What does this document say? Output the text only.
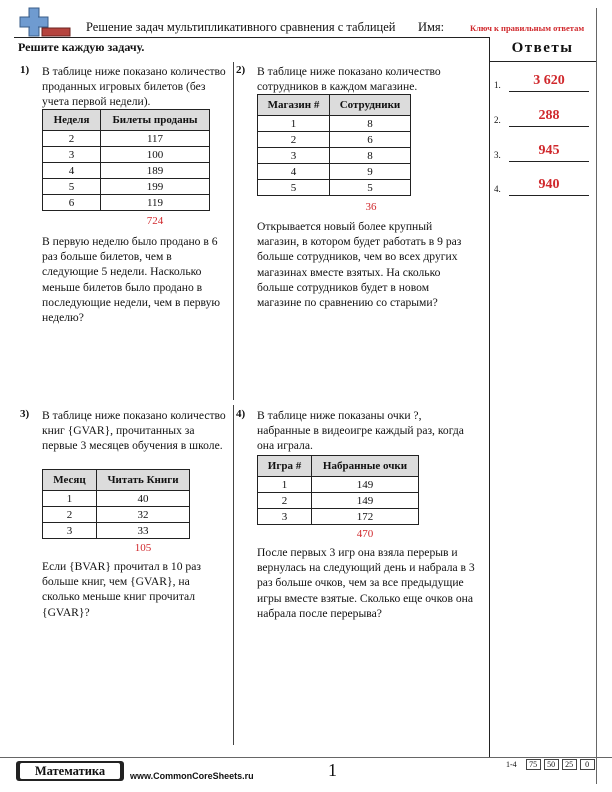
Решение задач мультипликативного сравнения с таблицей Имя:	Ключ к правильным ответам
Решите каждую задачу.	Ответы
1.	3 620
2.	288
3.	945
4.	940
1) В таблице ниже показано количество проданных игровых билетов (без учета первой недели).
Неделя	Билеты проданы
2	117
3	100
4	189
5	199
6	119
724
В первую неделю было продано в 6 раз больше билетов, чем в следующие 5 недели. Насколько меньше билетов было продано в последующие недели, чем в первую неделю?
2) В таблице ниже показано количество сотрудников в каждом магазине.
Магазин #	Сотрудники
1	8
2	6
3	8
4	9
5	5
36
Открывается новый более крупный магазин, в котором будет работать в 9 раз больше сотрудников, чем во всех других магазинах вместе взятых. На сколько больше сотрудников будет в новом магазине по сравнению со старыми?
3) В таблице ниже показано количество книг {GVAR}, прочитанных за первые 3 месяцев обучения в школе.
Месяц	Читать Книги
1	40
2	32
3	33
105
Если {BVAR} прочитал в 10 раз больше книг, чем {GVAR}, на сколько меньше книг прочитал {GVAR}?
4) В таблице ниже показаны очки ?, набранные в видеоигре каждый раз, когда она играла.
Игра #	Набранные очки
1	149
2	149
3	172
470
После первых 3 игр она взяла перерыв и вернулась на следующий день и набрала в 3 раз больше очков, чем за все предыдущие игры вместе взятые. Сколько еще очков она набрала после перерыва?
Математика	www.CommonCoreSheets.ru	1	1-4 75 50 25 0
